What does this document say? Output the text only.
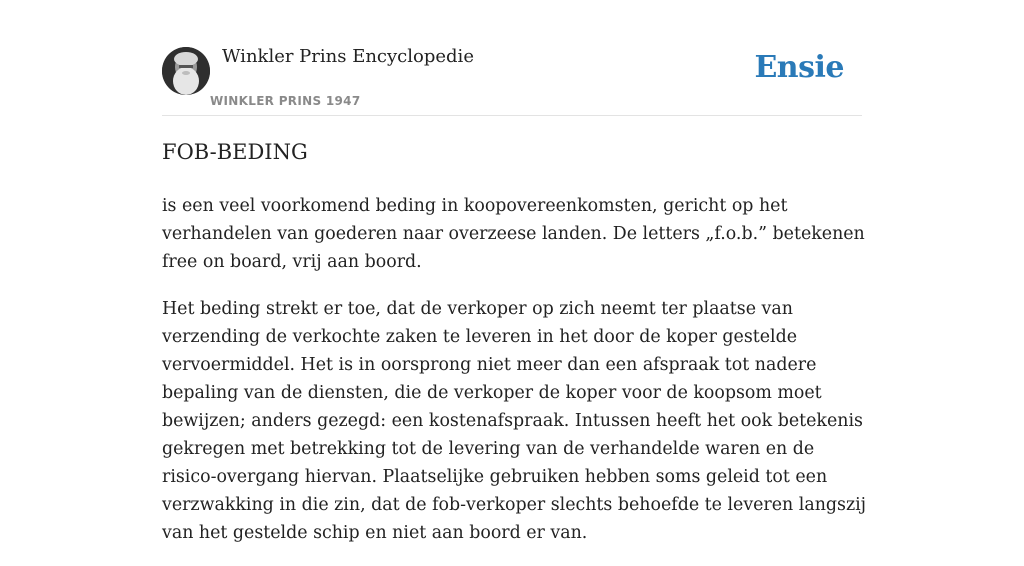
Winkler Prins Encyclopedie
WINKLER PRINS 1947
Ensie
FOB-BEDING

is een veel voorkomend beding in koopovereenkomsten, gericht op het verhandelen van goederen naar overzeese landen. De letters „f.o.b.” betekenen free on board, vrij aan boord.

Het beding strekt er toe, dat de verkoper op zich neemt ter plaatse van verzending de verkochte zaken te leveren in het door de koper gestelde vervoermiddel. Het is in oorsprong niet meer dan een afspraak tot nadere bepaling van de diensten, die de verkoper de koper voor de koopsom moet bewijzen; anders gezegd: een kostenafspraak. Intussen heeft het ook betekenis gekregen met betrekking tot de levering van de verhandelde waren en de risico-overgang hiervan. Plaatselijke gebruiken hebben soms geleid tot een verzwakking in die zin, dat de fob-verkoper slechts behoefde te leveren langszij van het gestelde schip en niet aan boord er van.
